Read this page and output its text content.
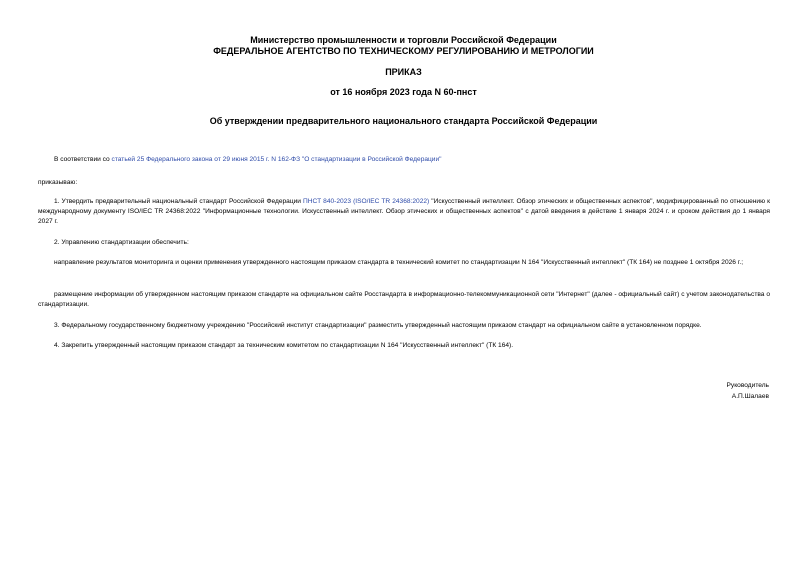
Министерство промышленности и торговли Российской Федерации
ФЕДЕРАЛЬНОЕ АГЕНТСТВО ПО ТЕХНИЧЕСКОМУ РЕГУЛИРОВАНИЮ И МЕТРОЛОГИИ
ПРИКАЗ
от 16 ноября 2023 года N 60-пнст
Об утверждении предварительного национального стандарта Российской Федерации
В соответствии со статьей 25 Федерального закона от 29 июня 2015 г. N 162-ФЗ "О стандартизации в Российской Федерации"
приказываю:
1. Утвердить предварительный национальный стандарт Российской Федерации ПНСТ 840-2023 (ISO/IEC TR 24368:2022) "Искусственный интеллект. Обзор этических и общественных аспектов", модифицированный по отношению к международному документу ISO/IEC TR 24368:2022 "Информационные технологии. Искусственный интеллект. Обзор этических и общественных аспектов" с датой введения в действие 1 января 2024 г. и сроком действия до 1 января 2027 г.
2. Управлению стандартизации обеспечить:
направление результатов мониторинга и оценки применения утвержденного настоящим приказом стандарта в технический комитет по стандартизации N 164 "Искусственный интеллект" (ТК 164) не позднее 1 октября 2026 г.;
размещение информации об утвержденном настоящим приказом стандарте на официальном сайте Росстандарта в информационно-телекоммуникационной сети "Интернет" (далее - официальный сайт) с учетом законодательства о стандартизации.
3. Федеральному государственному бюджетному учреждению "Российский институт стандартизации" разместить утвержденный настоящим приказом стандарт на официальном сайте в установленном порядке.
4. Закрепить утвержденный настоящим приказом стандарт за техническим комитетом по стандартизации N 164 "Искусственный интеллект" (ТК 164).
Руководитель
А.П.Шалаев
